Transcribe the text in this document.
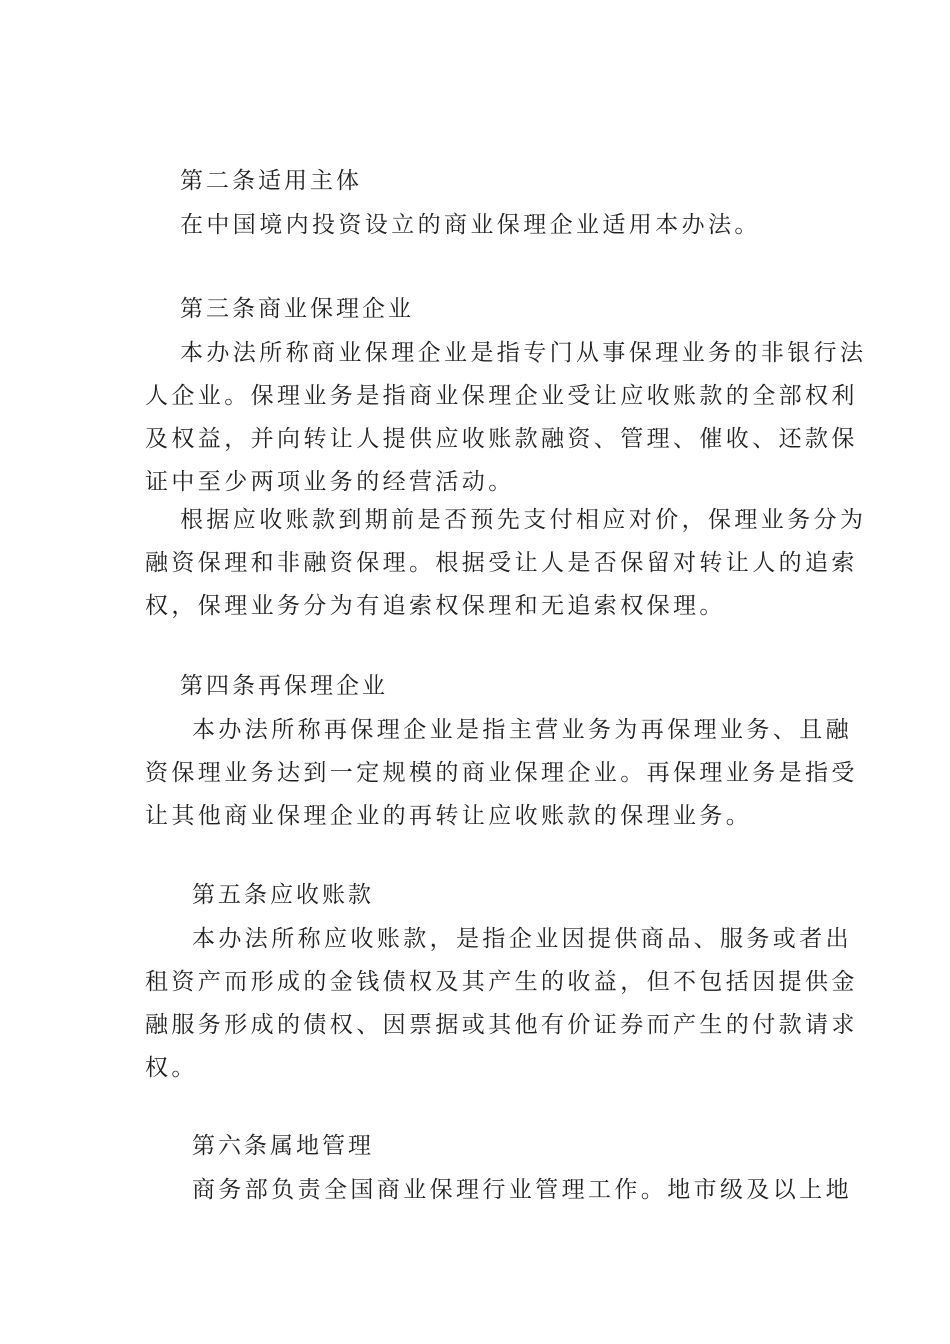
第二条适用主体
在中国境内投资设立的商业保理企业适用本办法。
第三条商业保理企业
本办法所称商业保理企业是指专门从事保理业务的非银行法
人企业。保理业务是指商业保理企业受让应收账款的全部权利
及权益，并向转让人提供应收账款融资、管理、催收、还款保
证中至少两项业务的经营活动。
根据应收账款到期前是否预先支付相应对价，保理业务分为
融资保理和非融资保理。根据受让人是否保留对转让人的追索
权，保理业务分为有追索权保理和无追索权保理。
第四条再保理企业
本办法所称再保理企业是指主营业务为再保理业务、且融
资保理业务达到一定规模的商业保理企业。再保理业务是指受
让其他商业保理企业的再转让应收账款的保理业务。
第五条应收账款
本办法所称应收账款，是指企业因提供商品、服务或者出
租资产而形成的金钱债权及其产生的收益，但不包括因提供金
融服务形成的债权、因票据或其他有价证券而产生的付款请求
权。
第六条属地管理
商务部负责全国商业保理行业管理工作。地市级及以上地
